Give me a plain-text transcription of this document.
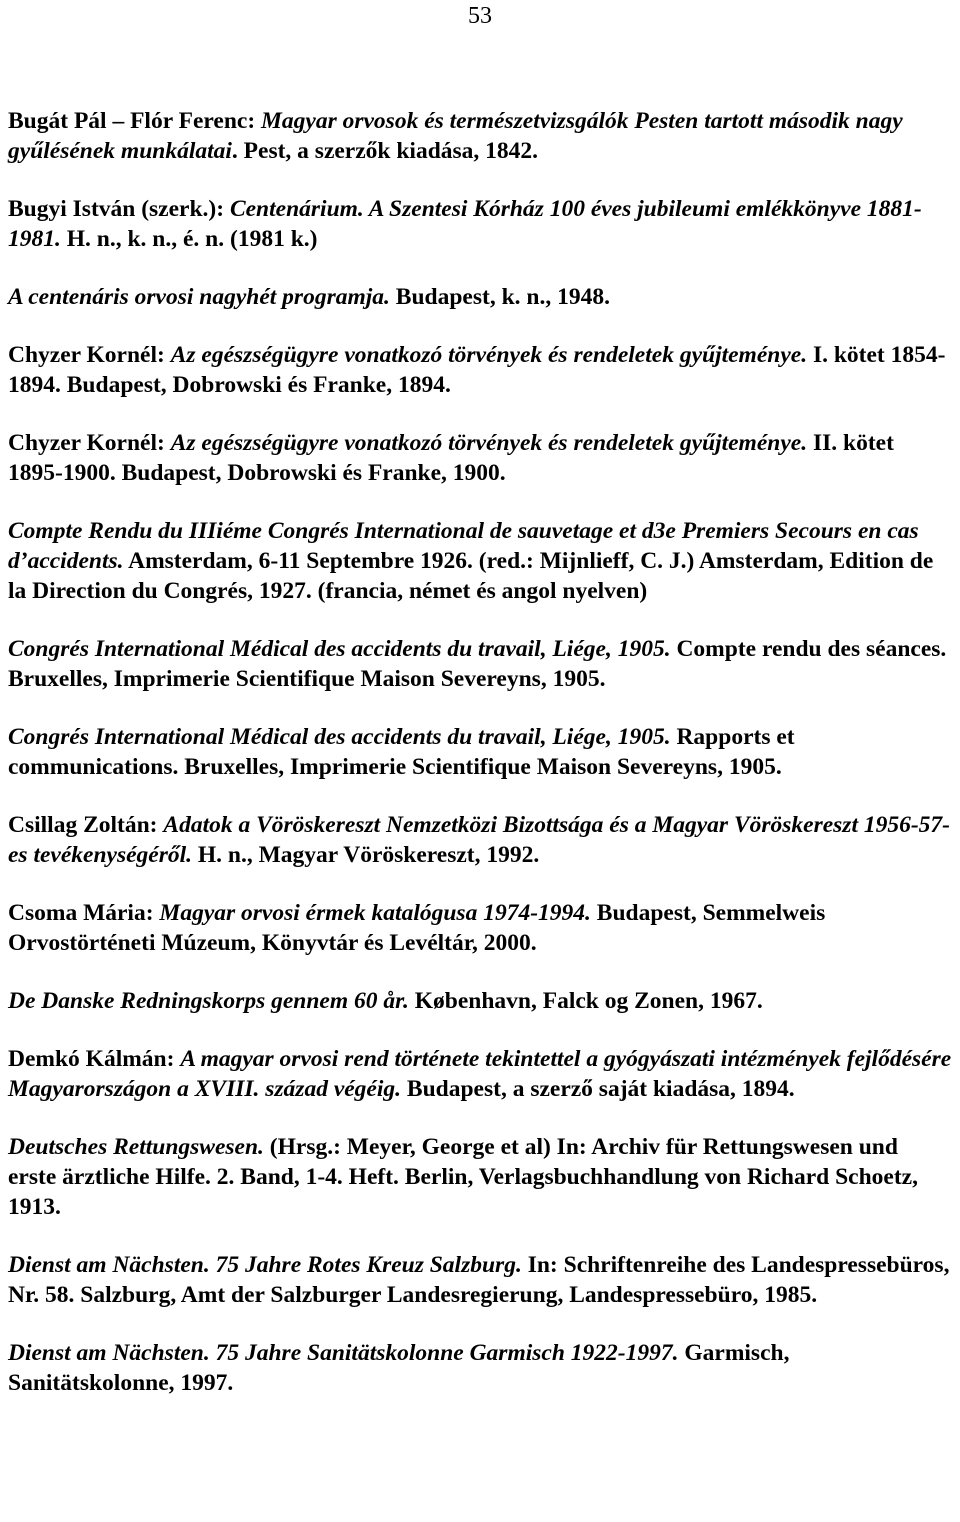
53

Bugát Pál – Flór Ferenc: Magyar orvosok és természetvizsgálók Pesten tartott második nagy gyűlésének munkálatai. Pest, a szerzők kiadása, 1842.

Bugyi István (szerk.): Centenárium. A Szentesi Kórház 100 éves jubileumi emlékkönyve 1881-1981. H. n., k. n., é. n. (1981 k.)

A centenáris orvosi nagyhét programja. Budapest, k. n., 1948.

Chyzer Kornél: Az egészségügyre vonatkozó törvények és rendeletek gyűjteménye. I. kötet 1854-1894. Budapest, Dobrowski és Franke, 1894.

Chyzer Kornél: Az egészségügyre vonatkozó törvények és rendeletek gyűjteménye. II. kötet 1895-1900. Budapest, Dobrowski és Franke, 1900.

Compte Rendu du IIIiéme Congrés International de sauvetage et d3e Premiers Secours en cas d’accidents. Amsterdam, 6-11 Septembre 1926. (red.: Mijnlieff, C. J.) Amsterdam, Edition de la Direction du Congrés, 1927. (francia, német és angol nyelven)

Congrés International Médical des accidents du travail, Liége, 1905. Compte rendu des séances. Bruxelles, Imprimerie Scientifique Maison Severeyns, 1905.

Congrés International Médical des accidents du travail, Liége, 1905. Rapports et communications. Bruxelles, Imprimerie Scientifique Maison Severeyns, 1905.

Csillag Zoltán: Adatok a Vöröskereszt Nemzetközi Bizottsága és a Magyar Vöröskereszt 1956-57-es tevékenységéről. H. n., Magyar Vöröskereszt, 1992.

Csoma Mária: Magyar orvosi érmek katalógusa 1974-1994. Budapest, Semmelweis Orvostörténeti Múzeum, Könyvtár és Levéltár, 2000.

De Danske Redningskorps gennem 60 år. København, Falck og Zonen, 1967.

Demkó Kálmán: A magyar orvosi rend története tekintettel a gyógyászati intézmények fejlődésére Magyarországon a XVIII. század végéig. Budapest, a szerző saját kiadása, 1894.

Deutsches Rettungswesen. (Hrsg.: Meyer, George et al) In: Archiv für Rettungswesen und erste ärztliche Hilfe. 2. Band, 1-4. Heft. Berlin, Verlagsbuchhandlung von Richard Schoetz, 1913.

Dienst am Nächsten. 75 Jahre Rotes Kreuz Salzburg. In: Schriftenreihe des Landespressebüros, Nr. 58. Salzburg, Amt der Salzburger Landesregierung, Landespressebüro, 1985.

Dienst am Nächsten. 75 Jahre Sanitätskolonne Garmisch 1922-1997. Garmisch, Sanitätskolonne, 1997.
